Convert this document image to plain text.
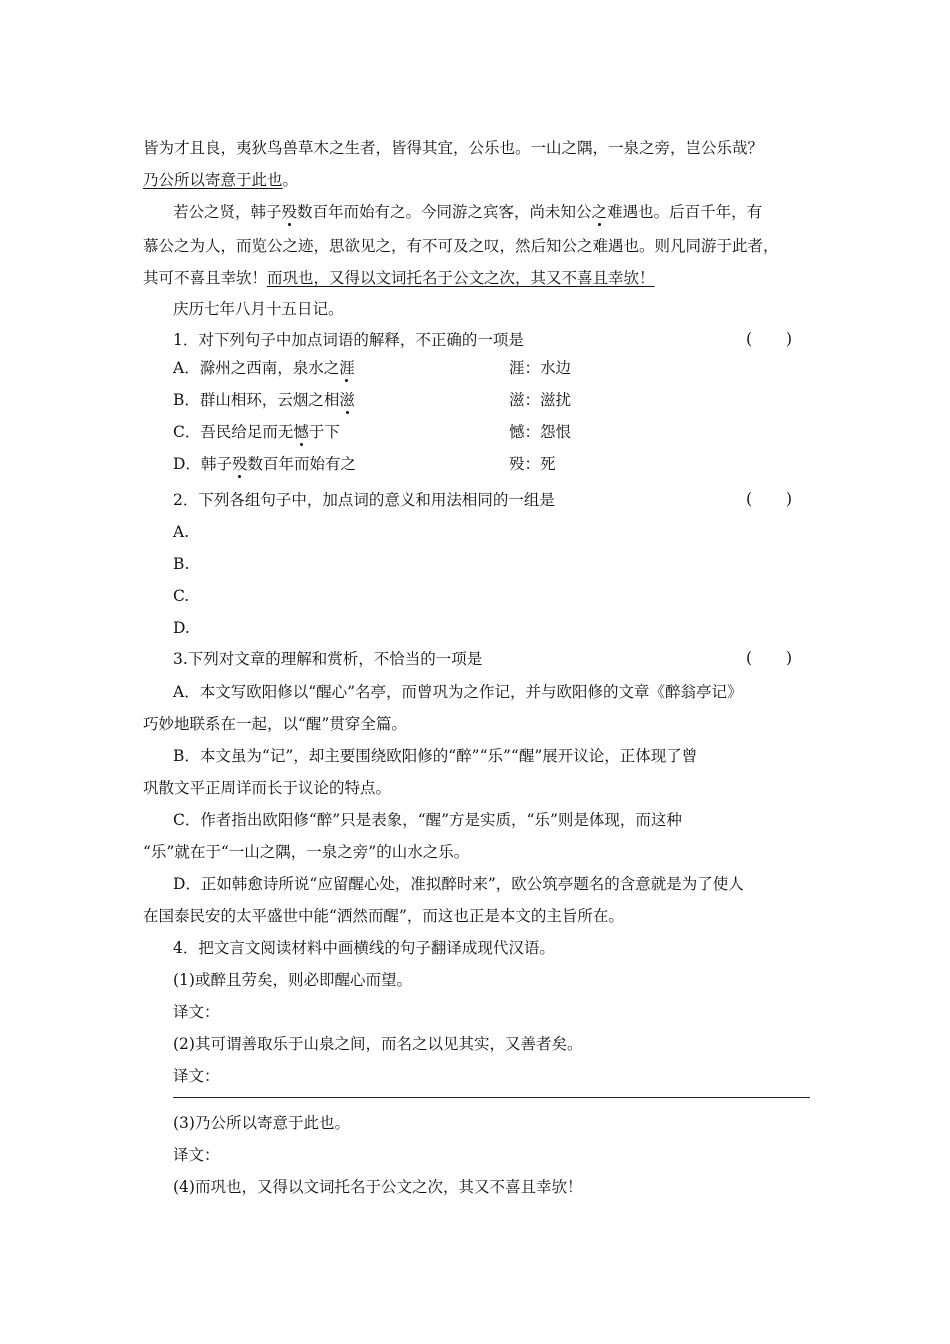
皆为才且良，夷狄鸟兽草木之生者，皆得其宜，公乐也。一山之隅，一泉之旁，岂公乐哉？
乃公所以寄意于此也。
若公之贤，韩子殁数百年而始有之。今同游之宾客，尚未知公之难遇也。后百千年，有
慕公之为人，而览公之迹，思欲见之，有不可及之叹，然后知公之难遇也。则凡同游于此者，
其可不喜且幸欤！而巩也，又得以文词托名于公文之次，其又不喜且幸欤！
庆历七年八月十五日记。
1．对下列句子中加点词语的解释，不正确的一项是	( )
A．滁州之西南，泉水之涯	涯：水边
B．群山相环，云烟之相滋	滋：滋扰
C．吾民给足而无憾于下	憾：怨恨
D．韩子殁数百年而始有之	殁：死
2．下列各组句子中，加点词的意义和用法相同的一组是	( )
A.
B.
C.
D.
3.下列对文章的理解和赏析，不恰当的一项是	( )
A．本文写欧阳修以“醒心”名亭，而曾巩为之作记，并与欧阳修的文章《醉翁亭记》
巧妙地联系在一起，以“醒”贯穿全篇。
B．本文虽为“记”，却主要围绕欧阳修的“醉”“乐”“醒”展开议论，正体现了曾
巩散文平正周详而长于议论的特点。
C．作者指出欧阳修“醉”只是表象，“醒”方是实质，“乐”则是体现，而这种
“乐”就在于“一山之隅，一泉之旁”的山水之乐。
D．正如韩愈诗所说“应留醒心处，准拟醉时来”，欧公筑亭题名的含意就是为了使人
在国泰民安的太平盛世中能“洒然而醒”，而这也正是本文的主旨所在。
4．把文言文阅读材料中画横线的句子翻译成现代汉语。
(1)或醉且劳矣，则必即醒心而望。
译文：
(2)其可谓善取乐于山泉之间，而名之以见其实，又善者矣。
译文：
(3)乃公所以寄意于此也。
译文：
(4)而巩也，又得以文词托名于公文之次，其又不喜且幸欤！
